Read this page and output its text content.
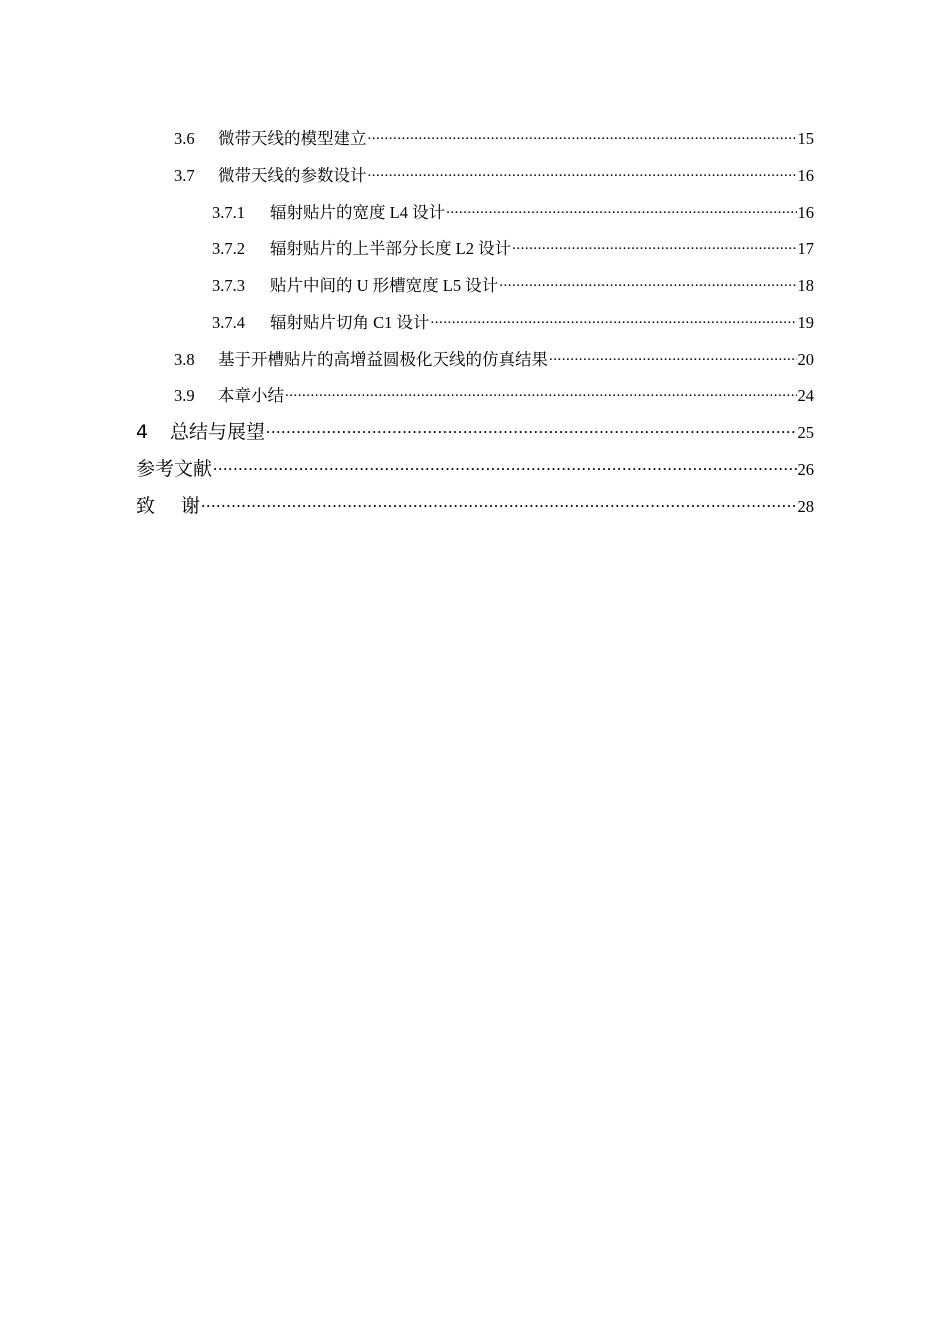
3.6	微带天线的模型建立 .....	15
3.7	微带天线的参数设计 .....	16
3.7.1	辐射贴片的宽度 L4 设计 .....	16
3.7.2	辐射贴片的上半部分长度 L2 设计 .....	17
3.7.3	贴片中间的 U 形槽宽度 L5 设计 .....	18
3.7.4	辐射贴片切角 C1 设计 .....	19
3.8	基于开槽贴片的高增益圆极化天线的仿真结果 .....	20
3.9	本章小结 .....	24
4	总结与展望 .....	25
参考文献 .....	26
致 谢 .....	28
